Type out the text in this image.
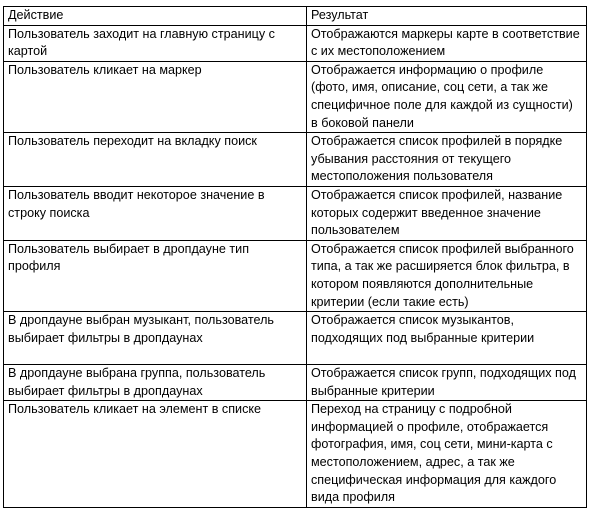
Действие	Результат
Пользователь заходит на главную страницу с картой	Отображаются маркеры карте в соответствие с их местоположением
Пользователь кликает на маркер	Отображается информацию о профиле (фото, имя, описание, соц сети, а так же специфичное поле для каждой из сущности) в боковой панели
Пользователь переходит на вкладку поиск	Отображается список профилей в порядке убывания расстояния от текущего местоположения пользователя
Пользователь вводит некоторое значение в строку поиска	Отображается список профилей, название которых содержит введенное значение пользователем
Пользователь выбирает в дропдауне тип профиля	Отображается список профилей выбранного типа, а так же расширяется блок фильтра, в котором появляются дополнительные критерии (если такие есть)
В дропдауне выбран музыкант, пользователь выбирает фильтры в дропдаунах	Отображается список музыкантов, подходящих под выбранные критерии
В дропдауне выбрана группа, пользователь выбирает фильтры в дропдаунах	Отображается список групп, подходящих под выбранные критерии
Пользователь кликает на элемент в списке	Переход на страницу с подробной информацией о профиле, отображается фотография, имя, соц сети, мини-карта с местоположением, адрес, а так же специфическая информация для каждого вида профиля
